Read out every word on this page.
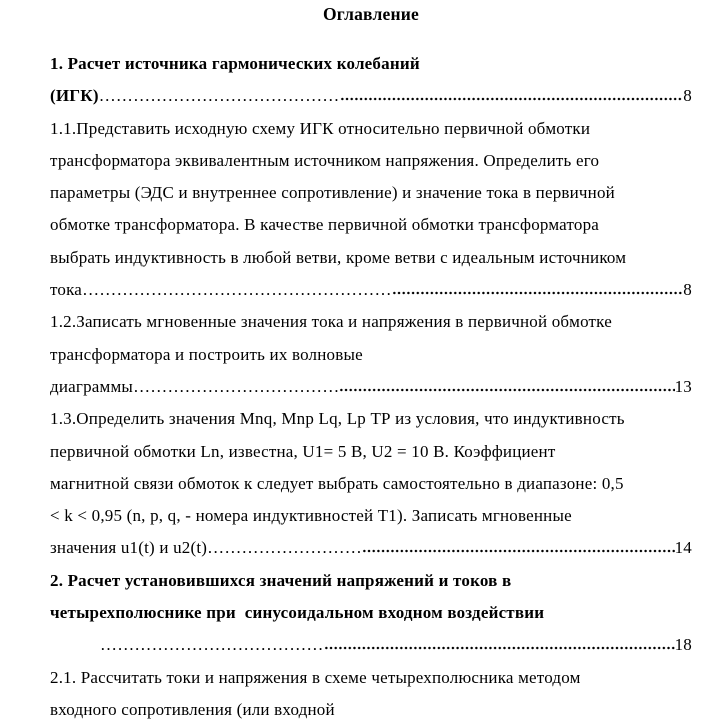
Оглавление
1. Расчет источника гармонических колебаний
(ИГК) ……………………………………	8
1.1.Представить исходную схему ИГК относительно первичной обмотки
трансформатора эквивалентным источником напряжения. Определить его
параметры (ЭДС и внутреннее сопротивление) и значение тока в первичной
обмотке трансформатора. В качестве первичной обмотки трансформатора
выбрать индуктивность в любой ветви, кроме ветви с идеальным источником
тока ………………………………………………	8
1.2.Записать мгновенные значения тока и напряжения в первичной обмотке
трансформатора и построить их волновые
диаграммы ………………………………	13
1.3.Определить значения Mnq, Mnp Lq, Lp ТР из условия, что индуктивность
первичной обмотки Ln, известна, U1= 5 В, U2 = 10 В. Коэффициент
магнитной связи обмоток к следует выбрать самостоятельно в диапазоне: 0,5
< k < 0,95 (n, p, q, - номера индуктивностей Т1). Записать мгновенные
значения u1(t) и u2(t) ………………………	14
2. Расчет установившихся значений напряжений и токов в
четырехполюснике при  синусоидальном входном воздействии
…………………………………	18
2.1. Рассчитать токи и напряжения в схеме четырехполюсника методом
входного сопротивления (или входной
